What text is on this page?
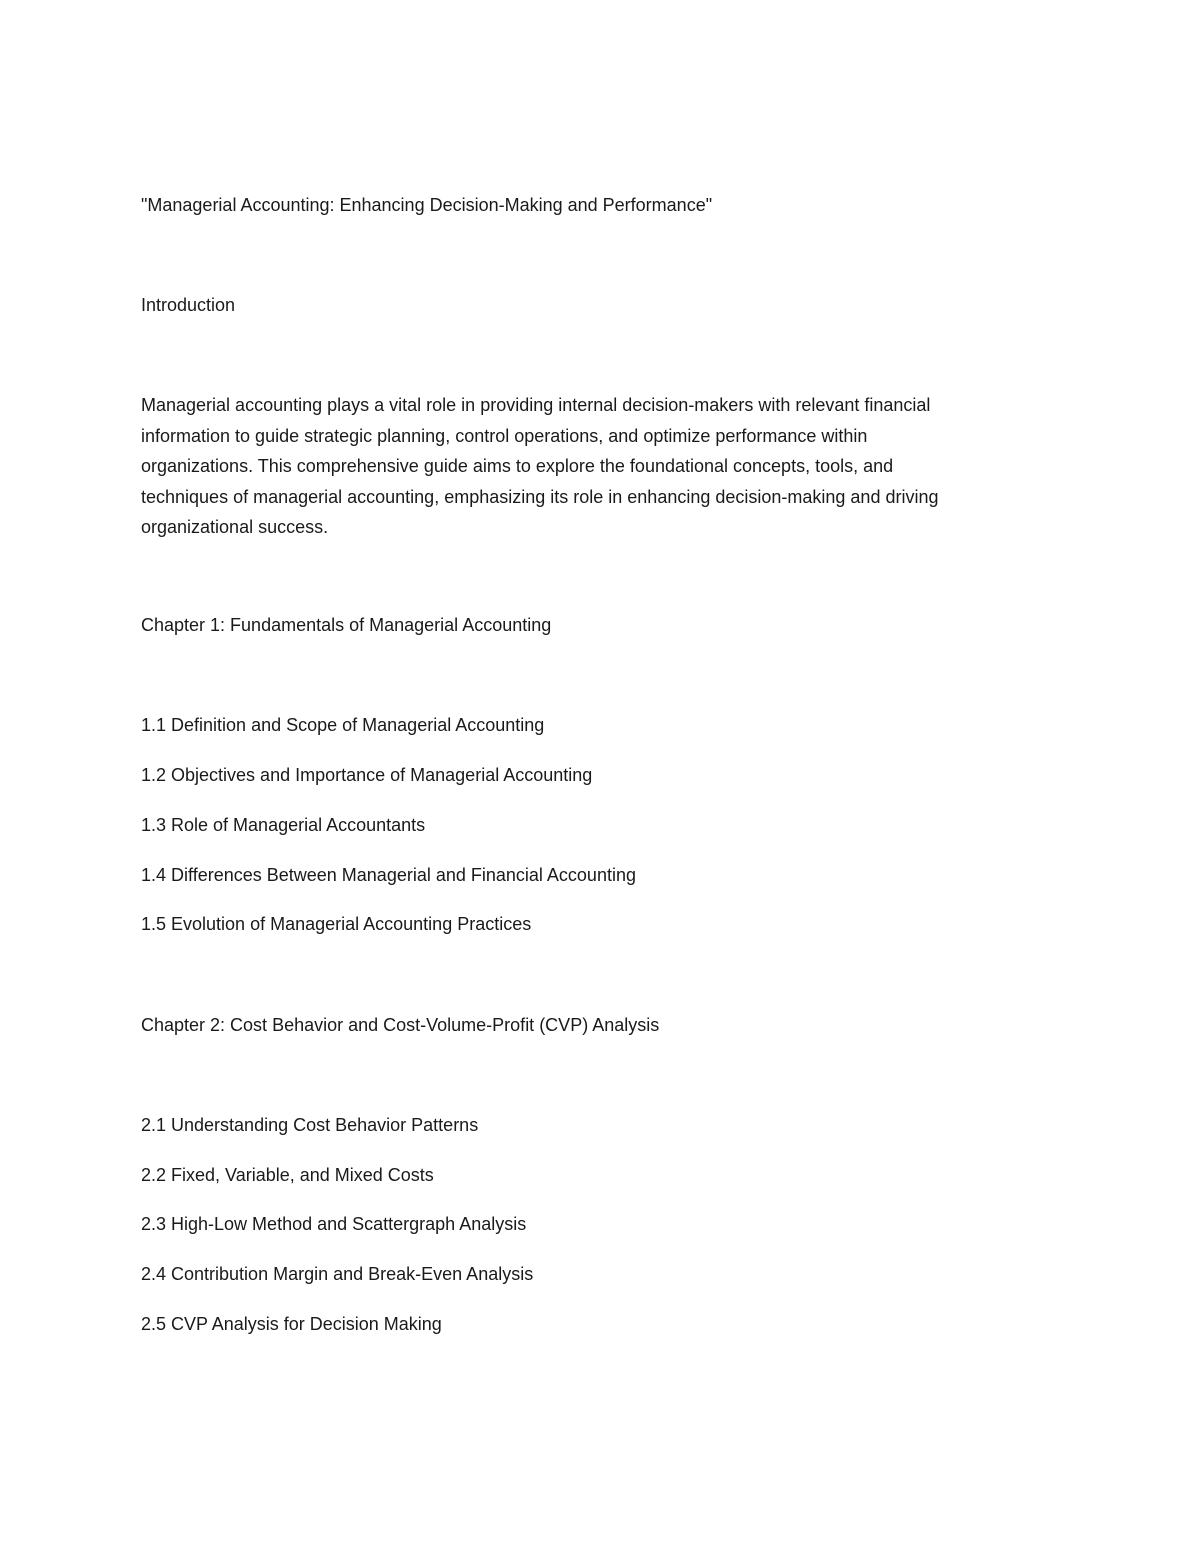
"Managerial Accounting: Enhancing Decision-Making and Performance"

Introduction

Managerial accounting plays a vital role in providing internal decision-makers with relevant financial
information to guide strategic planning, control operations, and optimize performance within
organizations. This comprehensive guide aims to explore the foundational concepts, tools, and
techniques of managerial accounting, emphasizing its role in enhancing decision-making and driving
organizational success.

Chapter 1: Fundamentals of Managerial Accounting

1.1 Definition and Scope of Managerial Accounting

1.2 Objectives and Importance of Managerial Accounting

1.3 Role of Managerial Accountants

1.4 Differences Between Managerial and Financial Accounting

1.5 Evolution of Managerial Accounting Practices

Chapter 2: Cost Behavior and Cost-Volume-Profit (CVP) Analysis

2.1 Understanding Cost Behavior Patterns

2.2 Fixed, Variable, and Mixed Costs

2.3 High-Low Method and Scattergraph Analysis

2.4 Contribution Margin and Break-Even Analysis

2.5 CVP Analysis for Decision Making
